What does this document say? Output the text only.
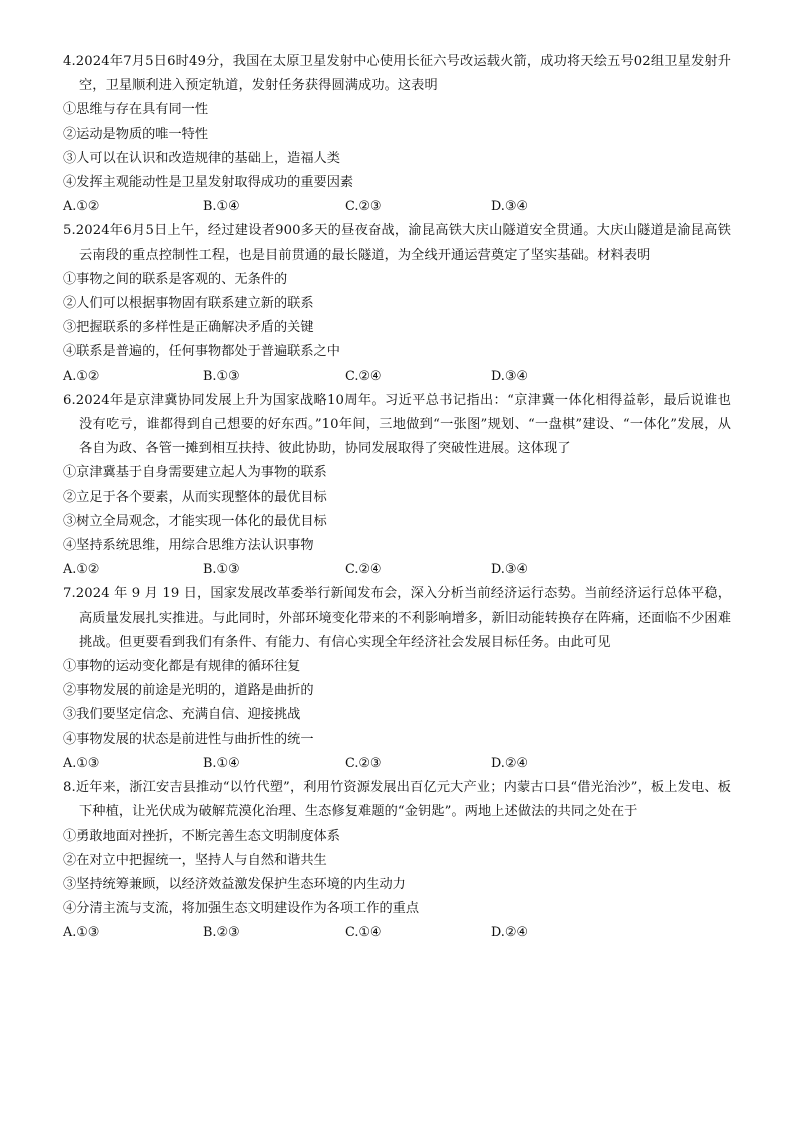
4.2024年7月5日6时49分，我国在太原卫星发射中心使用长征六号改运载火箭，成功将天绘五号02组卫星发射升空，卫星顺利进入预定轨道，发射任务获得圆满成功。这表明

①思维与存在具有同一性

②运动是物质的唯一特性

③人可以在认识和改造规律的基础上，造福人类

④发挥主观能动性是卫星发射取得成功的重要因素

A.①②	B.①④	C.②③	D.③④

5.2024年6月5日上午，经过建设者900多天的昼夜奋战，渝昆高铁大庆山隧道安全贯通。大庆山隧道是渝昆高铁云南段的重点控制性工程，也是目前贯通的最长隧道，为全线开通运营奠定了坚实基础。材料表明

①事物之间的联系是客观的、无条件的

②人们可以根据事物固有联系建立新的联系

③把握联系的多样性是正确解决矛盾的关键

④联系是普遍的，任何事物都处于普遍联系之中

A.①②	B.①③	C.②④	D.③④

6.2024年是京津冀协同发展上升为国家战略10周年。习近平总书记指出：“京津冀一体化相得益彰，最后说谁也没有吃亏，谁都得到自己想要的好东西。”10年间，三地做到“一张图”规划、“一盘棋”建设、“一体化”发展，从各自为政、各管一摊到相互扶持、彼此协助，协同发展取得了突破性进展。这体现了

①京津冀基于自身需要建立起人为事物的联系

②立足于各个要素，从而实现整体的最优目标

③树立全局观念，才能实现一体化的最优目标

④坚持系统思维，用综合思维方法认识事物

A.①②	B.①③	C.②④	D.③④

7.2024 年 9 月 19 日，国家发展改革委举行新闻发布会，深入分析当前经济运行态势。当前经济运行总体平稳，高质量发展扎实推进。与此同时，外部环境变化带来的不利影响增多，新旧动能转换存在阵痛，还面临不少困难挑战。但更要看到我们有条件、有能力、有信心实现全年经济社会发展目标任务。由此可见

①事物的运动变化都是有规律的循环往复

②事物发展的前途是光明的，道路是曲折的

③我们要坚定信念、充满自信、迎接挑战

④事物发展的状态是前进性与曲折性的统一

A.①③	B.①④	C.②③	D.②④

8.近年来，浙江安吉县推动“以竹代塑”，利用竹资源发展出百亿元大产业；内蒙古口县“借光治沙”，板上发电、板下种植，让光伏成为破解荒漠化治理、生态修复难题的“金钥匙”。两地上述做法的共同之处在于

①勇敢地面对挫折，不断完善生态文明制度体系

②在对立中把握统一，坚持人与自然和谐共生

③坚持统筹兼顾，以经济效益激发保护生态环境的内生动力

④分清主流与支流，将加强生态文明建设作为各项工作的重点

A.①③	B.②③	C.①④	D.②④
